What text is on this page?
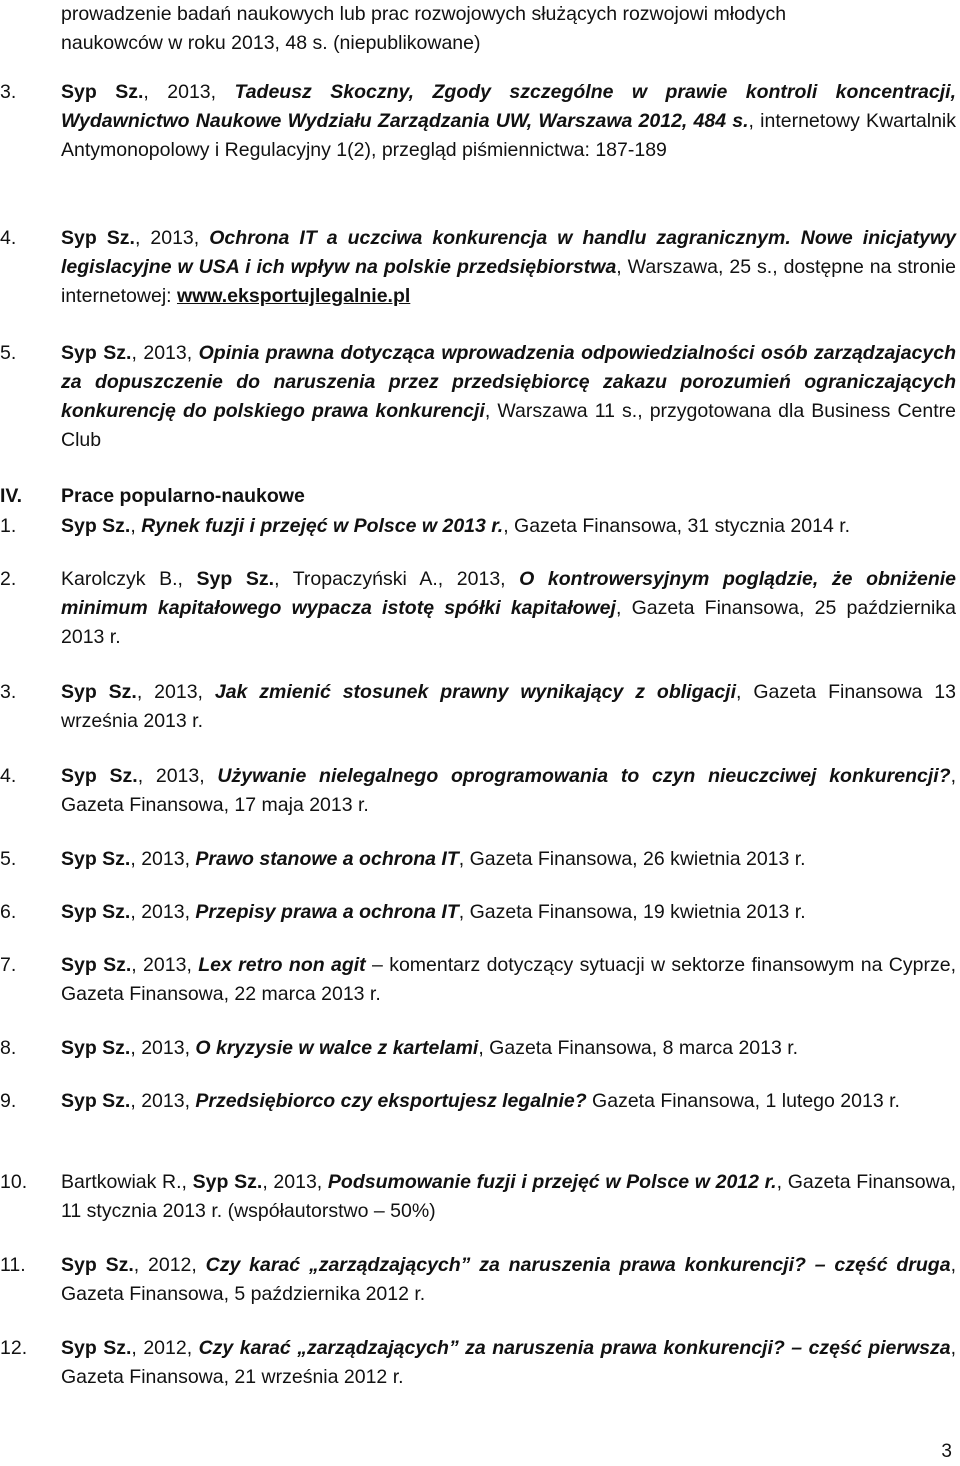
prowadzenie badań naukowych lub prac rozwojowych służących rozwojowi młodych
naukowców w roku 2013, 48 s. (niepublikowane)
3.	Syp Sz., 2013, Tadeusz Skoczny, Zgody szczególne w prawie kontroli koncentracji, Wydawnictwo Naukowe Wydziału Zarządzania UW, Warszawa 2012, 484 s., internetowy Kwartalnik Antymonopolowy i Regulacyjny 1(2), przegląd piśmiennictwa: 187-189
4.	Syp Sz., 2013, Ochrona IT a uczciwa konkurencja w handlu zagranicznym. Nowe inicjatywy legislacyjne w USA i ich wpływ na polskie przedsiębiorstwa, Warszawa, 25 s., dostępne na stronie internetowej: www.eksportujlegalnie.pl
5.	Syp Sz., 2013, Opinia prawna dotycząca wprowadzenia odpowiedzialności osób zarządzajacych za dopuszczenie do naruszenia przez przedsiębiorcę zakazu porozumień ograniczających konkurencję do polskiego prawa konkurencji, Warszawa 11 s., przygotowana dla Business Centre Club
IV.	Prace popularno-naukowe
1.	Syp Sz., Rynek fuzji i przejęć w Polsce w 2013 r., Gazeta Finansowa, 31 stycznia 2014 r.
2.	Karolczyk B., Syp Sz., Tropaczyński A., 2013, O kontrowersyjnym poglądzie, że obniżenie minimum kapitałowego wypacza istotę spółki kapitałowej, Gazeta Finansowa, 25 października 2013 r.
3.	Syp Sz., 2013, Jak zmienić stosunek prawny wynikający z obligacji, Gazeta Finansowa 13 września 2013 r.
4.	Syp Sz., 2013, Używanie nielegalnego oprogramowania to czyn nieuczciwej konkurencji?, Gazeta Finansowa, 17 maja 2013 r.
5.	Syp Sz., 2013, Prawo stanowe a ochrona IT, Gazeta Finansowa, 26 kwietnia 2013 r.
6.	Syp Sz., 2013, Przepisy prawa a ochrona IT, Gazeta Finansowa, 19 kwietnia 2013 r.
7.	Syp Sz., 2013, Lex retro non agit – komentarz dotyczący sytuacji w sektorze finansowym na Cyprze, Gazeta Finansowa, 22 marca 2013 r.
8.	Syp Sz., 2013, O kryzysie w walce z kartelami, Gazeta Finansowa, 8 marca 2013 r.
9.	Syp Sz., 2013, Przedsiębiorco czy eksportujesz legalnie? Gazeta Finansowa, 1 lutego 2013 r.
10.	Bartkowiak R., Syp Sz., 2013, Podsumowanie fuzji i przejęć w Polsce w 2012 r., Gazeta Finansowa, 11 stycznia 2013 r. (współautorstwo – 50%)
11.	Syp Sz., 2012, Czy karać „zarządzających” za naruszenia prawa konkurencji? – część druga, Gazeta Finansowa, 5 października 2012 r.
12.	Syp Sz., 2012, Czy karać „zarządzających” za naruszenia prawa konkurencji? – część pierwsza, Gazeta Finansowa, 21 września 2012 r.
3
